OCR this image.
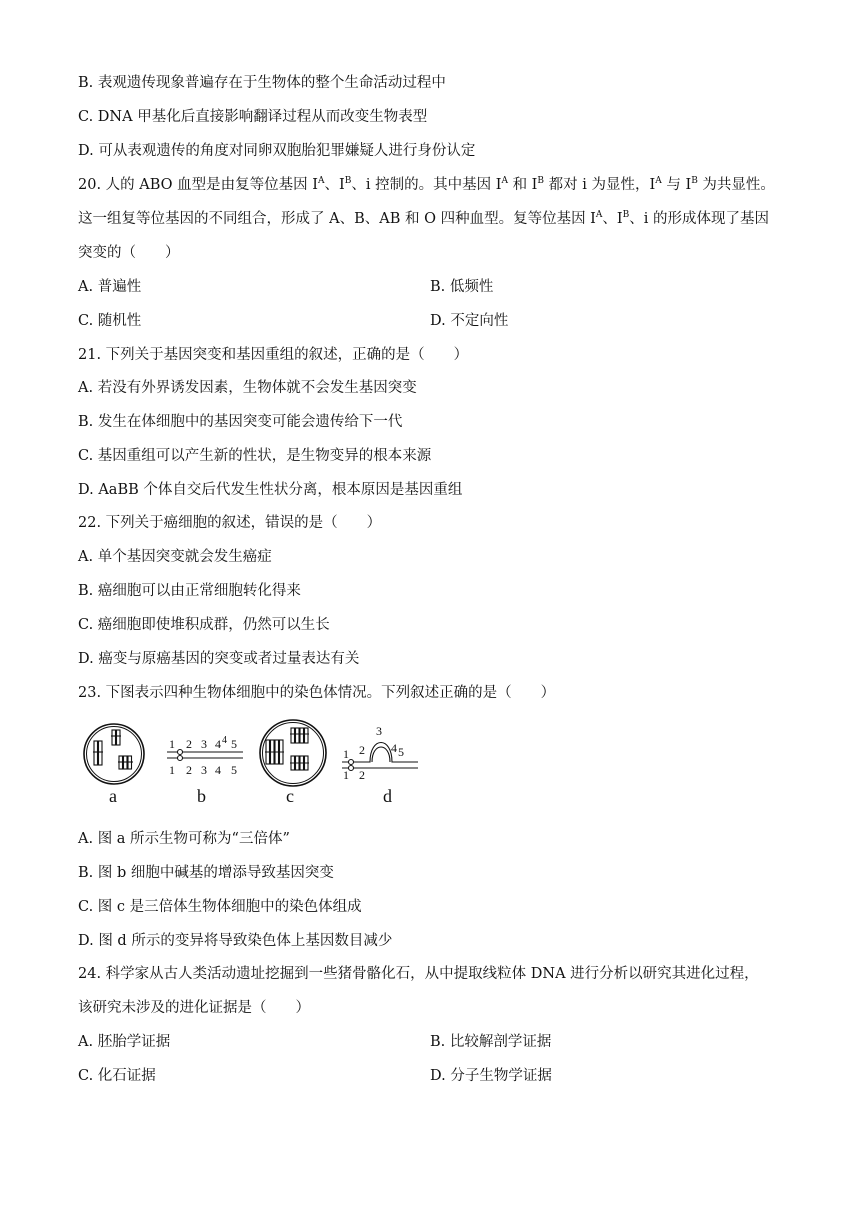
B. 表观遗传现象普遍存在于生物体的整个生命活动过程中
C. DNA 甲基化后直接影响翻译过程从而改变生物表型
D. 可从表观遗传的角度对同卵双胞胎犯罪嫌疑人进行身份认定
20. 人的 ABO 血型是由复等位基因 $I^A$、$I^B$、i 控制的。其中基因 $I^A$ 和 $I^B$ 都对 i 为显性，$I^A$ 与 $I^B$ 为共显性。
这一组复等位基因的不同组合，形成了 A、B、AB 和 O 四种血型。复等位基因 $I^A$、$I^B$、i 的形成体现了基因
突变的（　　）
A. 普遍性	B. 低频性
C. 随机性	D. 不定向性
21. 下列关于基因突变和基因重组的叙述，正确的是（　　）
A. 若没有外界诱发因素，生物体就不会发生基因突变
B. 发生在体细胞中的基因突变可能会遗传给下一代
C. 基因重组可以产生新的性状，是生物变异的根本来源
D. AaBB 个体自交后代发生性状分离，根本原因是基因重组
22. 下列关于癌细胞的叙述，错误的是（　　）
A. 单个基因突变就会发生癌症
B. 癌细胞可以由正常细胞转化得来
C. 癌细胞即使堆积成群，仍然可以生长
D. 癌变与原癌基因的突变或者过量表达有关
23. 下图表示四种生物体细胞中的染色体情况。下列叙述正确的是（　　）
1 2 3 4 4 5
1 2 3 4 5
1 2
3
4 5
1 2
a	b	c	d
A. 图 a 所示生物可称为“三倍体”
B. 图 b 细胞中碱基的增添导致基因突变
C. 图 c 是三倍体生物体细胞中的染色体组成
D. 图 d 所示的变异将导致染色体上基因数目减少
24. 科学家从古人类活动遗址挖掘到一些猪骨骼化石，从中提取线粒体 DNA 进行分析以研究其进化过程，
该研究未涉及的进化证据是（　　）
A. 胚胎学证据	B. 比较解剖学证据
C. 化石证据	D. 分子生物学证据
